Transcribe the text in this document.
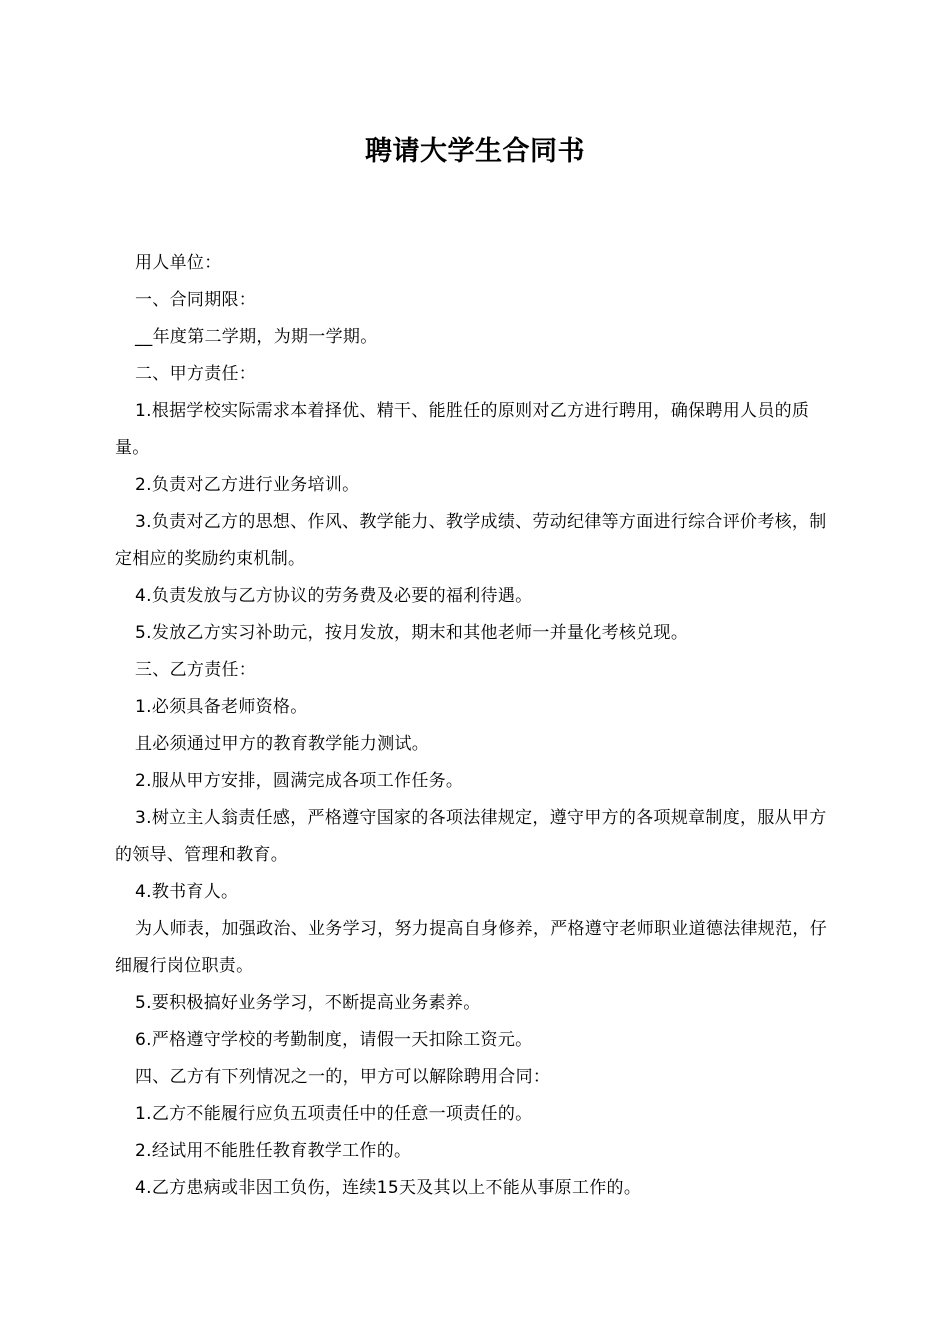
聘请大学生合同书

用人单位：

一、合同期限：

__年度第二学期，为期一学期。

二、甲方责任：

1.根据学校实际需求本着择优、精干、能胜任的原则对乙方进行聘用，确保聘用人员的质量。

2.负责对乙方进行业务培训。

3.负责对乙方的思想、作风、教学能力、教学成绩、劳动纪律等方面进行综合评价考核，制定相应的奖励约束机制。

4.负责发放与乙方协议的劳务费及必要的福利待遇。

5.发放乙方实习补助元，按月发放，期末和其他老师一并量化考核兑现。

三、乙方责任：

1.必须具备老师资格。

且必须通过甲方的教育教学能力测试。

2.服从甲方安排，圆满完成各项工作任务。

3.树立主人翁责任感，严格遵守国家的各项法律规定，遵守甲方的各项规章制度，服从甲方的领导、管理和教育。

4.教书育人。

为人师表，加强政治、业务学习，努力提高自身修养，严格遵守老师职业道德法律规范，仔细履行岗位职责。

5.要积极搞好业务学习，不断提高业务素养。

6.严格遵守学校的考勤制度，请假一天扣除工资元。

四、乙方有下列情况之一的，甲方可以解除聘用合同：

1.乙方不能履行应负五项责任中的任意一项责任的。

2.经试用不能胜任教育教学工作的。

4.乙方患病或非因工负伤，连续15天及其以上不能从事原工作的。
